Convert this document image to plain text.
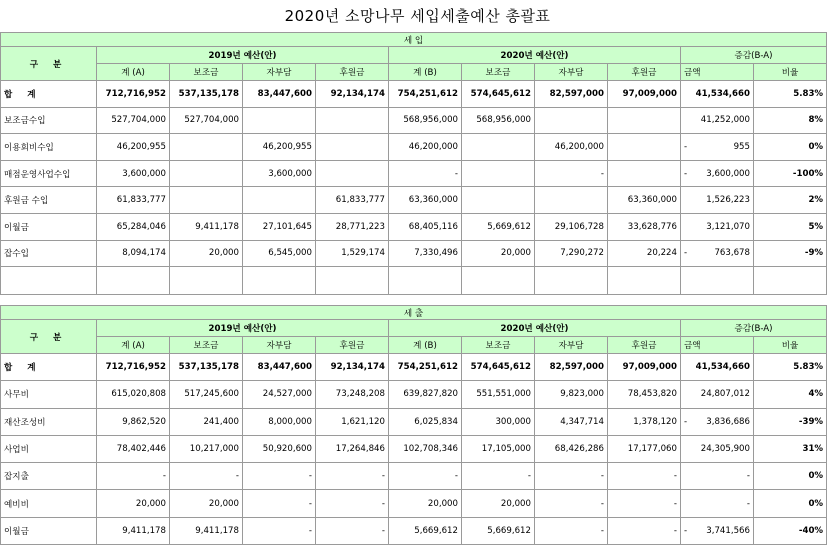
2020년 소망나무 세입세출예산 총괄표
세 입										
구 분	2019년 예산(안)				2020년 예산(안)				증감(B-A)	
	계 (A)	보조금	자부담	후원금	계 (B)	보조금	자부담	후원금	금액	비율
합 계	712,716,952	537,135,178	83,447,600	92,134,174	754,251,612	574,645,612	82,597,000	97,009,000	41,534,660	5.83%
보조금수입	527,704,000	527,704,000			568,956,000	568,956,000			41,252,000	8%
이용회비수입	46,200,955		46,200,955		46,200,000		46,200,000		- 955	0%
매점운영사업수입	3,600,000		3,600,000		-		-		- 3,600,000	-100%
후원금 수입	61,833,777			61,833,777	63,360,000			63,360,000	1,526,223	2%
이월금	65,284,046	9,411,178	27,101,645	28,771,223	68,405,116	5,669,612	29,106,728	33,628,776	3,121,070	5%
잡수입	8,094,174	20,000	6,545,000	1,529,174	7,330,496	20,000	7,290,272	20,224	- 763,678	-9%

세 출										
구 분	2019년 예산(안)				2020년 예산(안)				증감(B-A)	
	계 (A)	보조금	자부담	후원금	계 (B)	보조금	자부담	후원금	금액	비율
합 계	712,716,952	537,135,178	83,447,600	92,134,174	754,251,612	574,645,612	82,597,000	97,009,000	41,534,660	5.83%
사무비	615,020,808	517,245,600	24,527,000	73,248,208	639,827,820	551,551,000	9,823,000	78,453,820	24,807,012	4%
재산조성비	9,862,520	241,400	8,000,000	1,621,120	6,025,834	300,000	4,347,714	1,378,120	- 3,836,686	-39%
사업비	78,402,446	10,217,000	50,920,600	17,264,846	102,708,346	17,105,000	68,426,286	17,177,060	24,305,900	31%
잡지출	-	-	-	-	-	-	-	-	-	0%
예비비	20,000	20,000	-	-	20,000	20,000	-	-	-	0%
이월금	9,411,178	9,411,178	-	-	5,669,612	5,669,612	-	-	- 3,741,566	-40%
